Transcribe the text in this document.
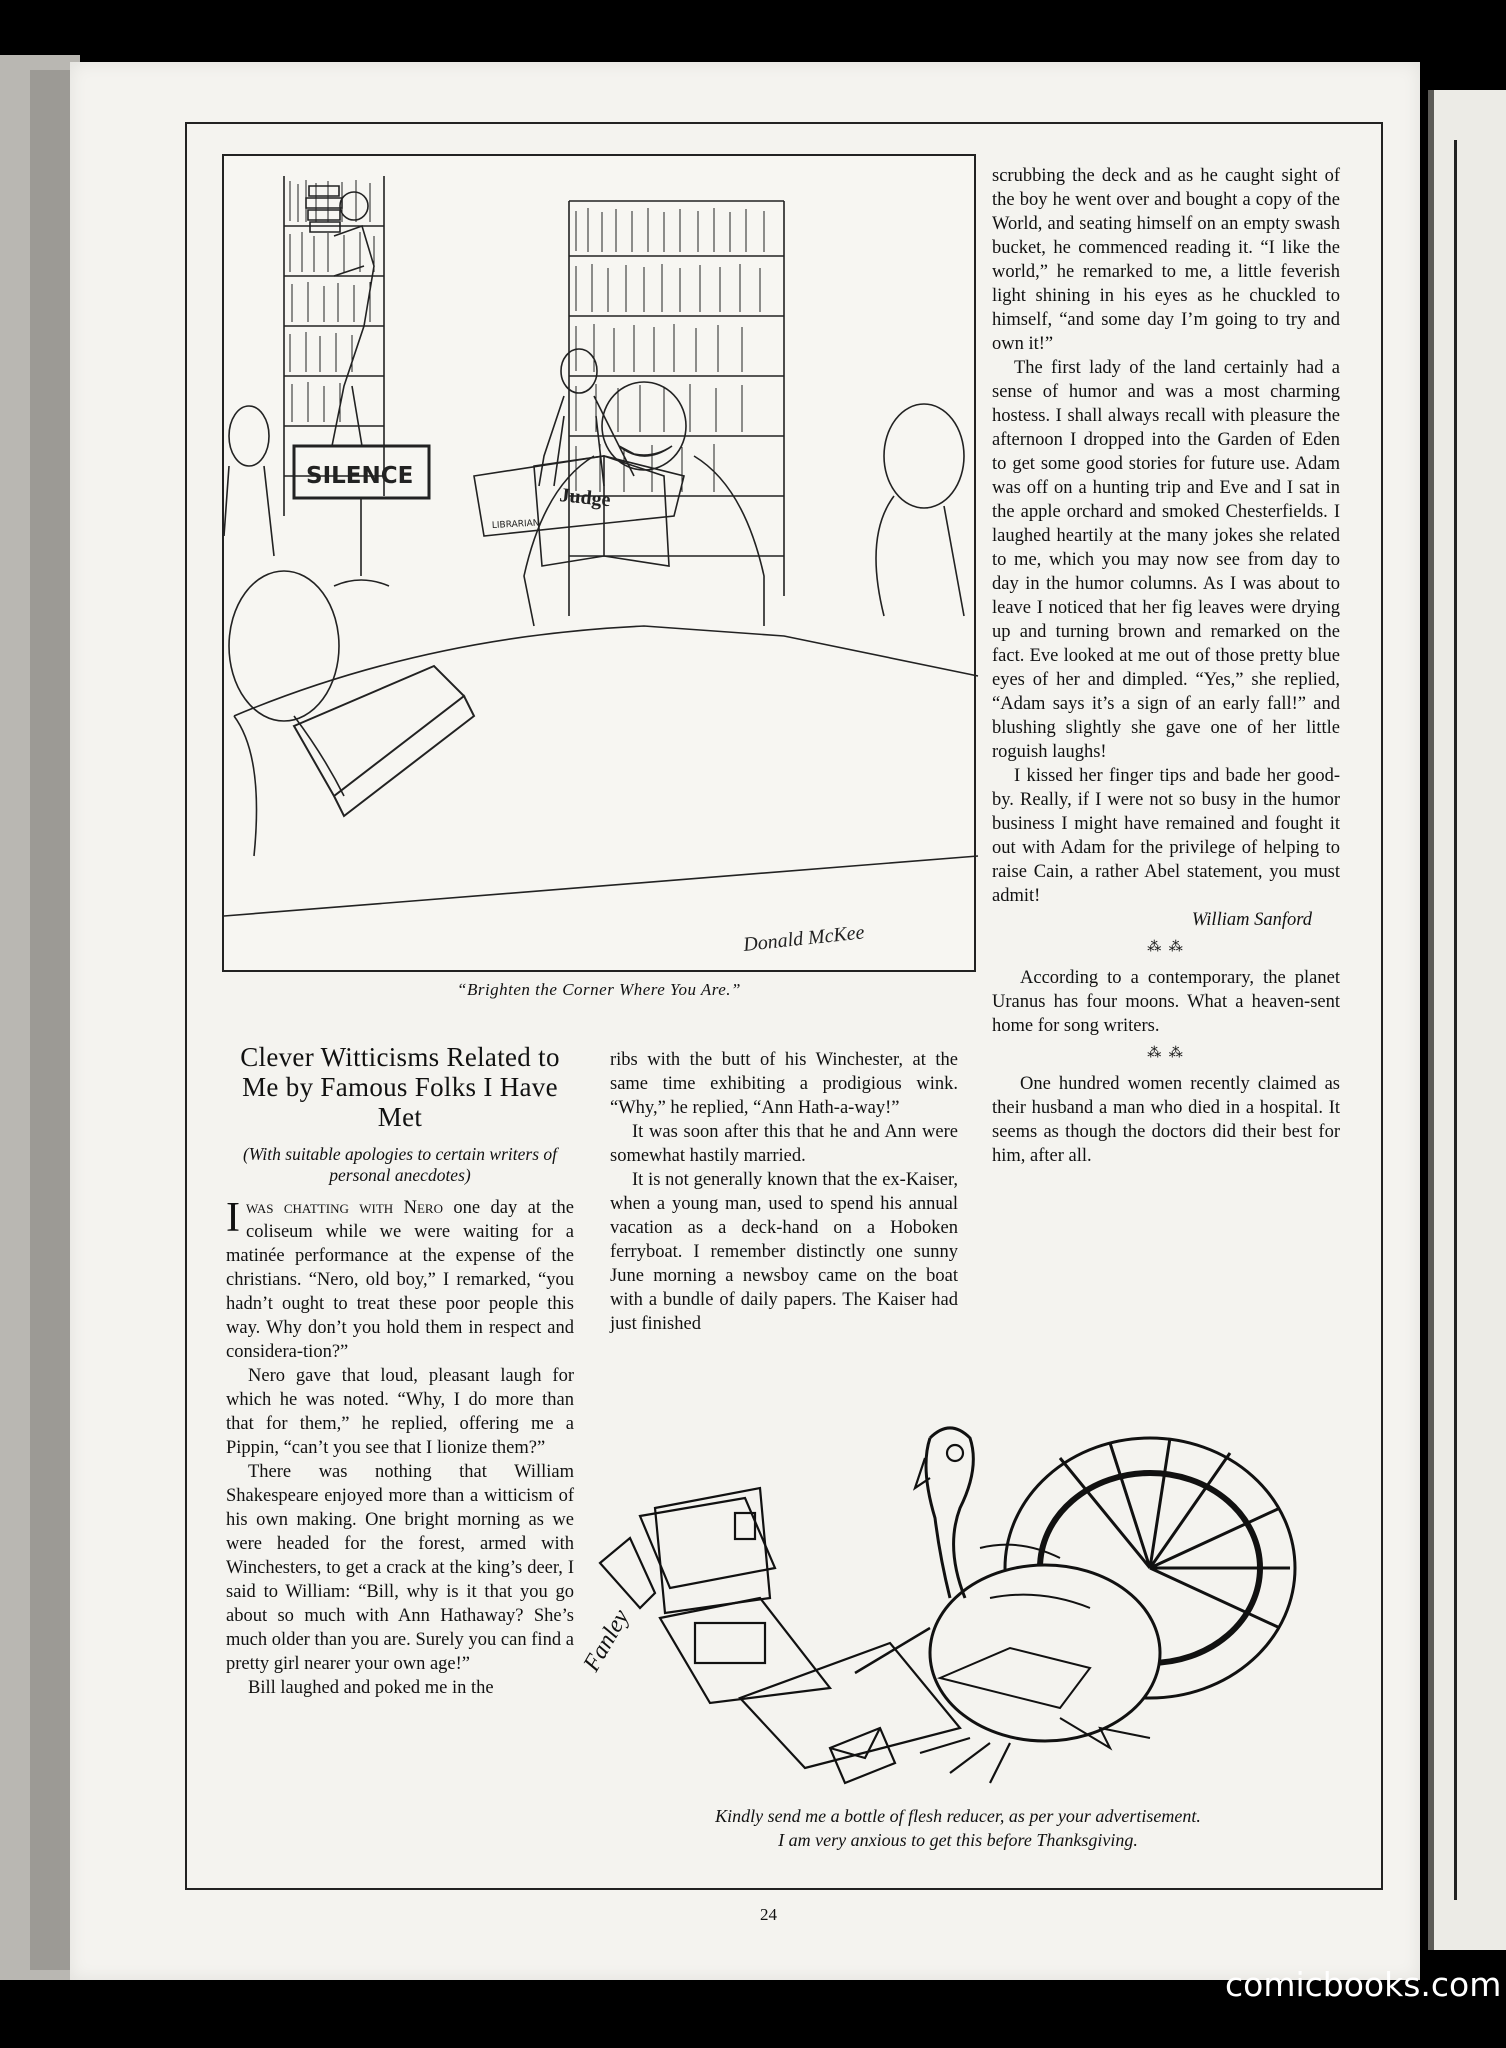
SILENCE
Judge
LIBRARIAN
Donald McKee
“Brighten the Corner Where You Are.”

scrubbing the deck and as he caught sight of the boy he went over and bought a copy of the World, and seating himself on an empty swash bucket, he commenced reading it. “I like the world,” he remarked to me, a little feverish light shining in his eyes as he chuckled to himself, “and some day I’m going to try and own it!”

The first lady of the land certainly had a sense of humor and was a most charming hostess. I shall always recall with pleasure the afternoon I dropped into the Garden of Eden to get some good stories for future use. Adam was off on a hunting trip and Eve and I sat in the apple orchard and smoked Chesterfields. I laughed heartily at the many jokes she related to me, which you may now see from day to day in the humor columns. As I was about to leave I noticed that her fig leaves were drying up and turning brown and remarked on the fact. Eve looked at me out of those pretty blue eyes of her and dimpled. “Yes,” she replied, “Adam says it’s a sign of an early fall!” and blushing slightly she gave one of her little roguish laughs!

I kissed her finger tips and bade her good-by. Really, if I were not so busy in the humor business I might have remained and fought it out with Adam for the privilege of helping to raise Cain, a rather Abel statement, you must admit!

William Sanford
⁂ ⁂

According to a contemporary, the planet Uranus has four moons. What a heaven-sent home for song writers.

⁂ ⁂

One hundred women recently claimed as their husband a man who died in a hospital. It seems as though the doctors did their best for him, after all.

Clever Witticisms Related to Me by Famous Folks I Have Met
(With suitable apologies to certain writers of personal anecdotes)

Iwas chatting with Nero one day at the coliseum while we were waiting for a matinée performance at the expense of the christians. “Nero, old boy,” I remarked, “you hadn’t ought to treat these poor people this way. Why don’t you hold them in respect and considera-tion?”

Nero gave that loud, pleasant laugh for which he was noted. “Why, I do more than that for them,” he replied, offering me a Pippin, “can’t you see that I lionize them?”

There was nothing that William Shakespeare enjoyed more than a witticism of his own making. One bright morning as we were headed for the forest, armed with Winchesters, to get a crack at the king’s deer, I said to William: “Bill, why is it that you go about so much with Ann Hathaway? She’s much older than you are. Surely you can find a pretty girl nearer your own age!”

Bill laughed and poked me in the

ribs with the butt of his Winchester, at the same time exhibiting a prodigious wink. “Why,” he replied, “Ann Hath-a-way!”

It was soon after this that he and Ann were somewhat hastily married.

It is not generally known that the ex-Kaiser, when a young man, used to spend his annual vacation as a deck-hand on a Hoboken ferryboat. I remember distinctly one sunny June morning a newsboy came on the boat with a bundle of daily papers. The Kaiser had just finished

Fanley
Kindly send me a bottle of flesh reducer, as per your advertisement.
I am very anxious to get this before Thanksgiving.
24
comicbooks.com
